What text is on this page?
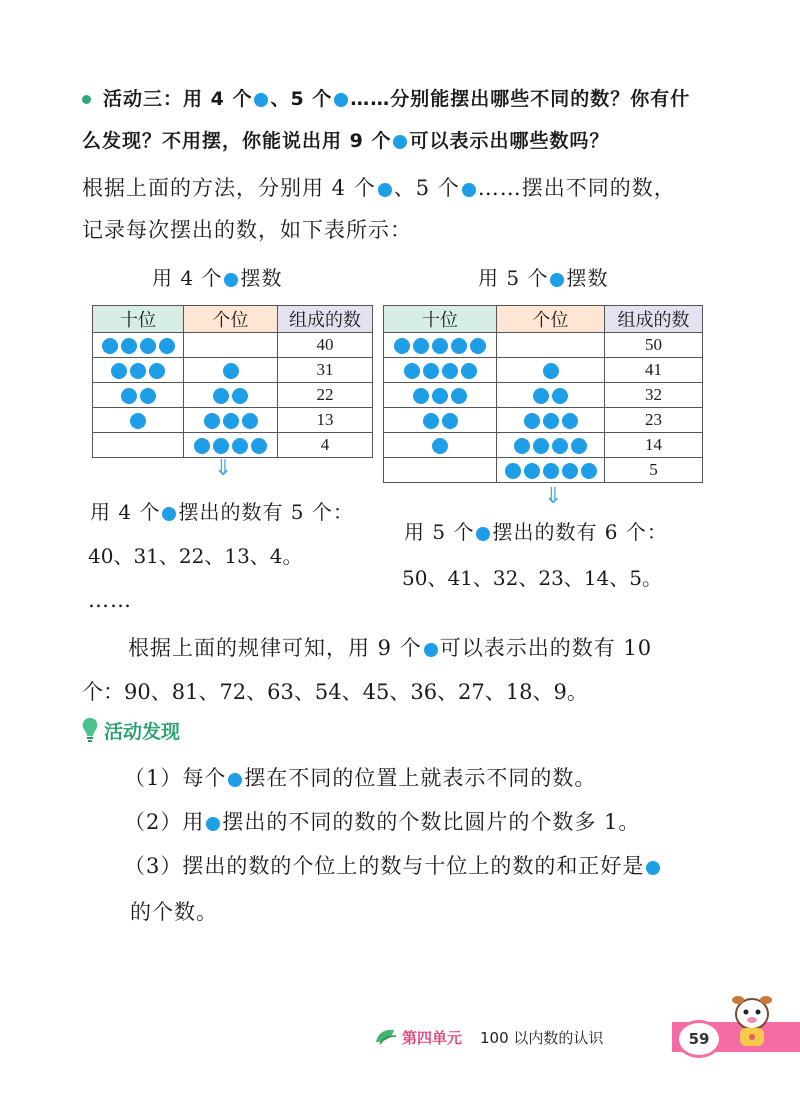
活动三：用 4 个 、5 个 ……分别能摆出哪些不同的数？你有什
么发现？不用摆，你能说出用 9 个 可以表示出哪些数吗？
根据上面的方法，分别用 4 个 、5 个 ……摆出不同的数，
记录每次摆出的数，如下表所示：
用 4 个 摆数	用 5 个 摆数
十位	个位	组成的数
		40
		31
		22
		13
		4
十位	个位	组成的数
		50
		41
		32
		23
		14
		5
⇓
⇓
用 4 个 摆出的数有 5 个：
40、31、22、13、4。
用 5 个 摆出的数有 6 个：
50、41、32、23、14、5。
……
根据上面的规律可知，用 9 个 可以表示出的数有 10
个：90、81、72、63、54、45、36、27、18、9。
活动发现
（1）每个 摆在不同的位置上就表示不同的数。
（2）用 摆出的不同的数的个数比圆片的个数多 1。
（3）摆出的数的个位上的数与十位上的数的和正好是
的个数。
第四单元 100 以内数的认识	59
